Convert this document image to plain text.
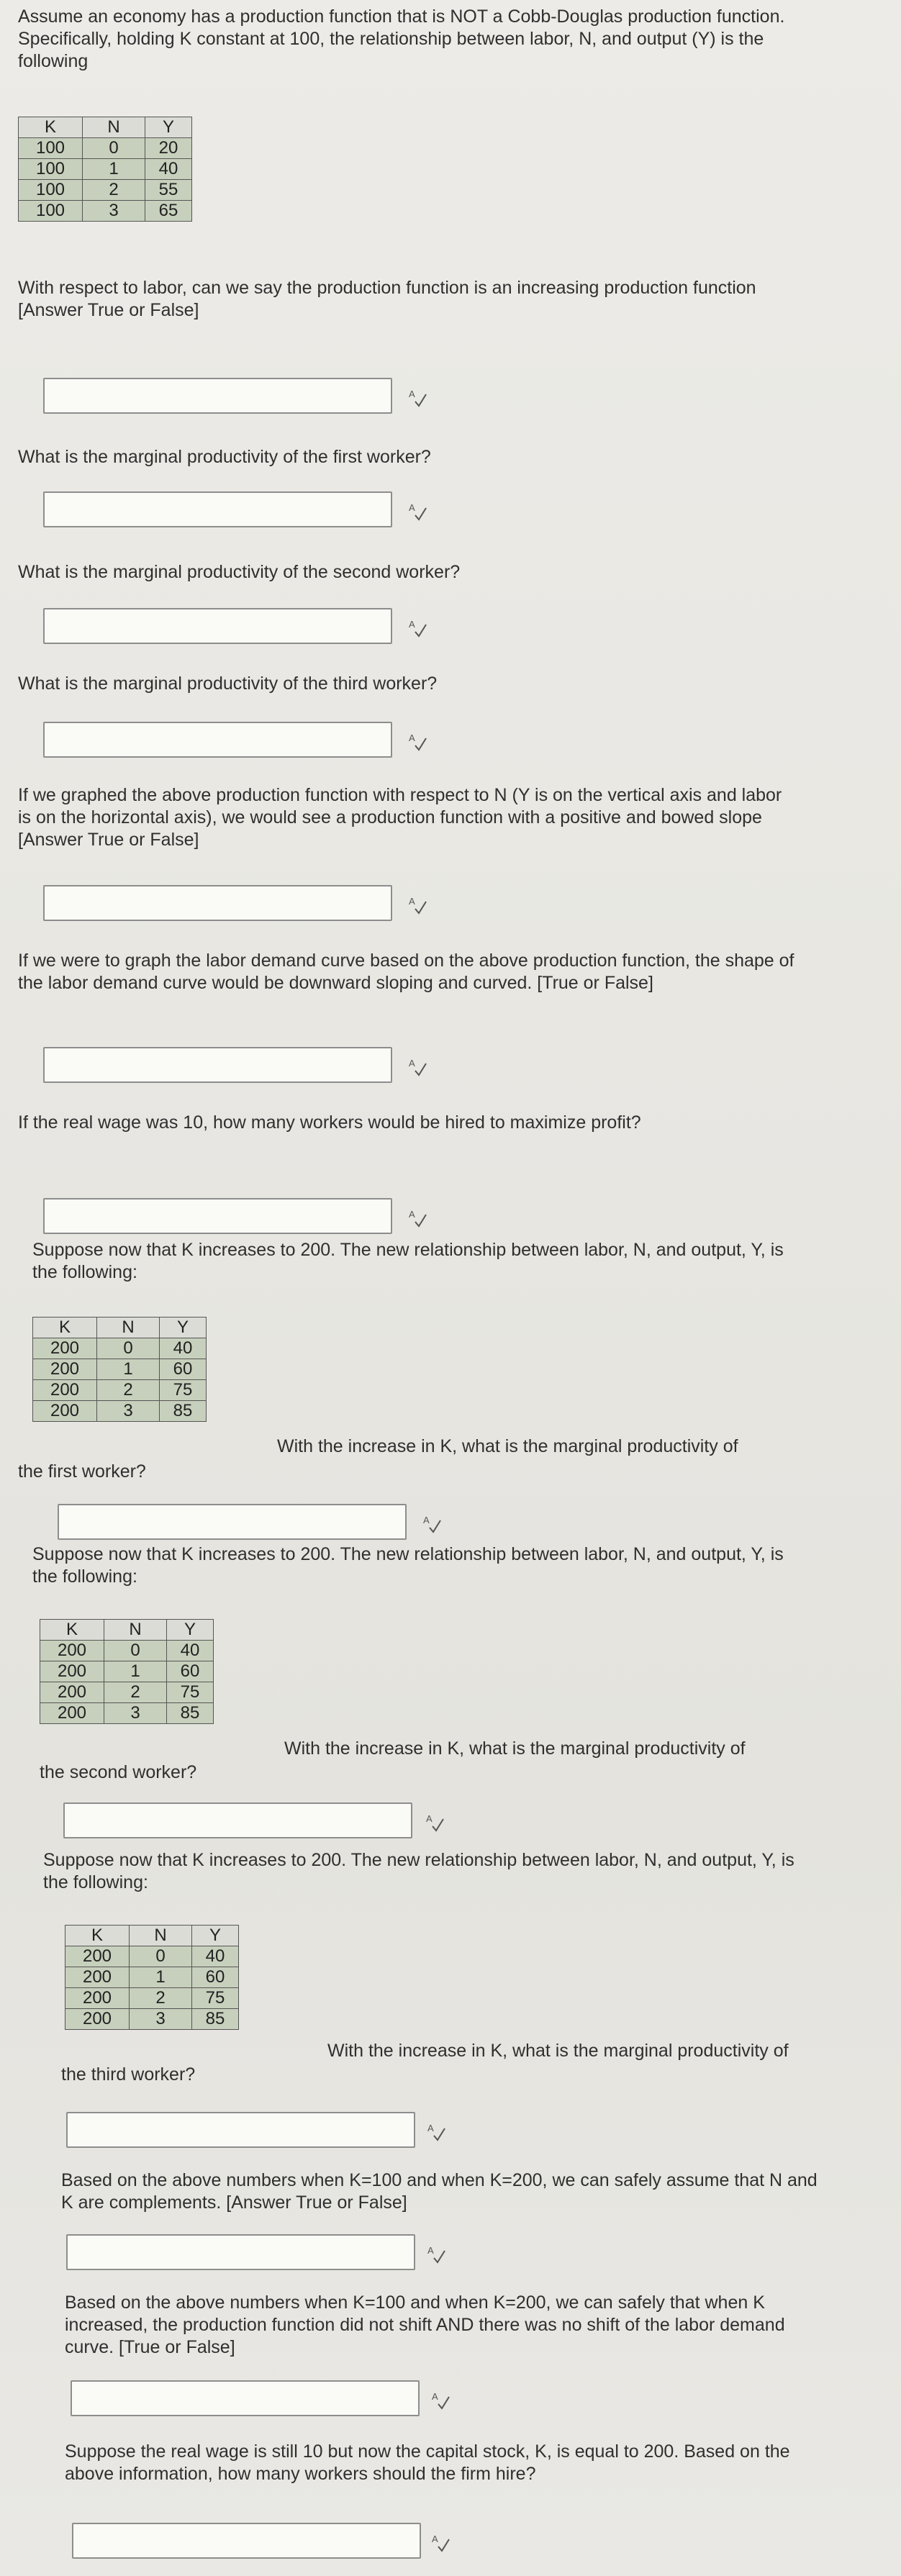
Assume an economy has a production function that is NOT a Cobb-Douglas production function. Specifically, holding K constant at 100, the relationship between labor, N, and output (Y) is the following
K	N	Y
100	0	20
100	1	40
100	2	55
100	3	65
With respect to labor, can we say the production function is an increasing production function [Answer True or False]
A
What is the marginal productivity of the first worker?
A
What is the marginal productivity of the second worker?
A
What is the marginal productivity of the third worker?
A
If we graphed the above production function with respect to N (Y is on the vertical axis and labor is on the horizontal axis), we would see a production function with a positive and bowed slope [Answer True or False]
A
If we were to graph the labor demand curve based on the above production function, the shape of the labor demand curve would be downward sloping and curved. [True or False]
A
If the real wage was 10, how many workers would be hired to maximize profit?
A
Suppose now that K increases to 200. The new relationship between labor, N, and output, Y, is the following:
K	N	Y
200	0	40
200	1	60
200	2	75
200	3	85
With the increase in K, what is the marginal productivity of
the first worker?
A
Suppose now that K increases to 200. The new relationship between labor, N, and output, Y, is the following:
K	N	Y
200	0	40
200	1	60
200	2	75
200	3	85
With the increase in K, what is the marginal productivity of
the second worker?
A
Suppose now that K increases to 200. The new relationship between labor, N, and output, Y, is the following:
K	N	Y
200	0	40
200	1	60
200	2	75
200	3	85
With the increase in K, what is the marginal productivity of
the third worker?
A
Based on the above numbers when K=100 and when K=200, we can safely assume that N and K are complements. [Answer True or False]
A
Based on the above numbers when K=100 and when K=200, we can safely that when K increased, the production function did not shift AND there was no shift of the labor demand curve. [True or False]
A
Suppose the real wage is still 10 but now the capital stock, K, is equal to 200. Based on the above information, how many workers should the firm hire?
A
